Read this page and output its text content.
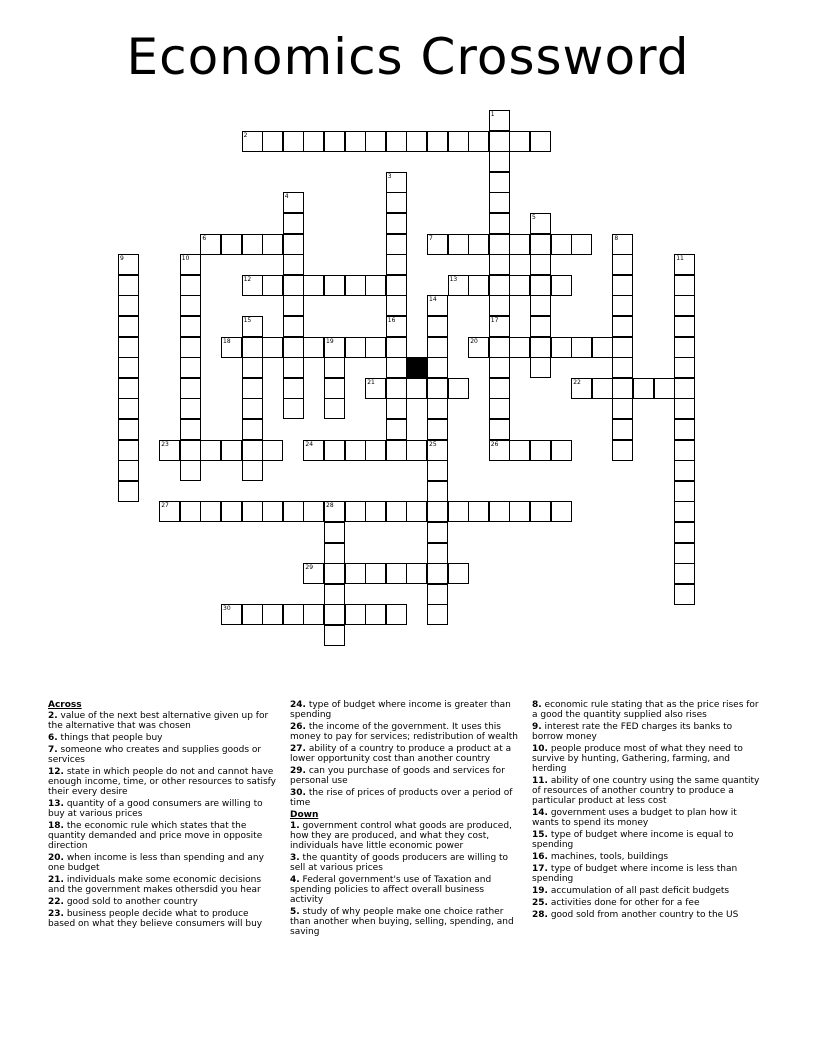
Economics Crossword
1
17
2
3
16
4
5
6	7	8
9	10	11
12	13
14
15
26
18	19	20
21	22
23	24	25
27	28
29
30
Across
2. value of the next best alternative given up for the alternative that was chosen
6. things that people buy
7. someone who creates and supplies goods or services
12. state in which people do not and cannot have enough income, time, or other resources to satisfy their every desire
13. quantity of a good consumers are willing to buy at various prices
18. the economic rule which states that the quantity demanded and price move in opposite direction
20. when income is less than spending and any one budget
21. individuals make some economic decisions and the government makes othersdid you hear
22. good sold to another country
23. business people decide what to produce based on what they believe consumers will buy
24. type of budget where income is greater than spending
26. the income of the government. It uses this money to pay for services; redistribution of wealth
27. ability of a country to produce a product at a lower opportunity cost than another country
29. can you purchase of goods and services for personal use
30. the rise of prices of products over a period of time
Down
1. government control what goods are produced, how they are produced, and what they cost, individuals have little economic power
3. the quantity of goods producers are willing to sell at various prices
4. Federal government's use of Taxation and spending policies to affect overall business activity
5. study of why people make one choice rather than another when buying, selling, spending, and saving
8. economic rule stating that as the price rises for a good the quantity supplied also rises
9. interest rate the FED charges its banks to borrow money
10. people produce most of what they need to survive by hunting, Gathering, farming, and herding
11. ability of one country using the same quantity of resources of another country to produce a particular product at less cost
14. government uses a budget to plan how it wants to spend its money
15. type of budget where income is equal to spending
16. machines, tools, buildings
17. type of budget where income is less than spending
19. accumulation of all past deficit budgets
25. activities done for other for a fee
28. good sold from another country to the US
